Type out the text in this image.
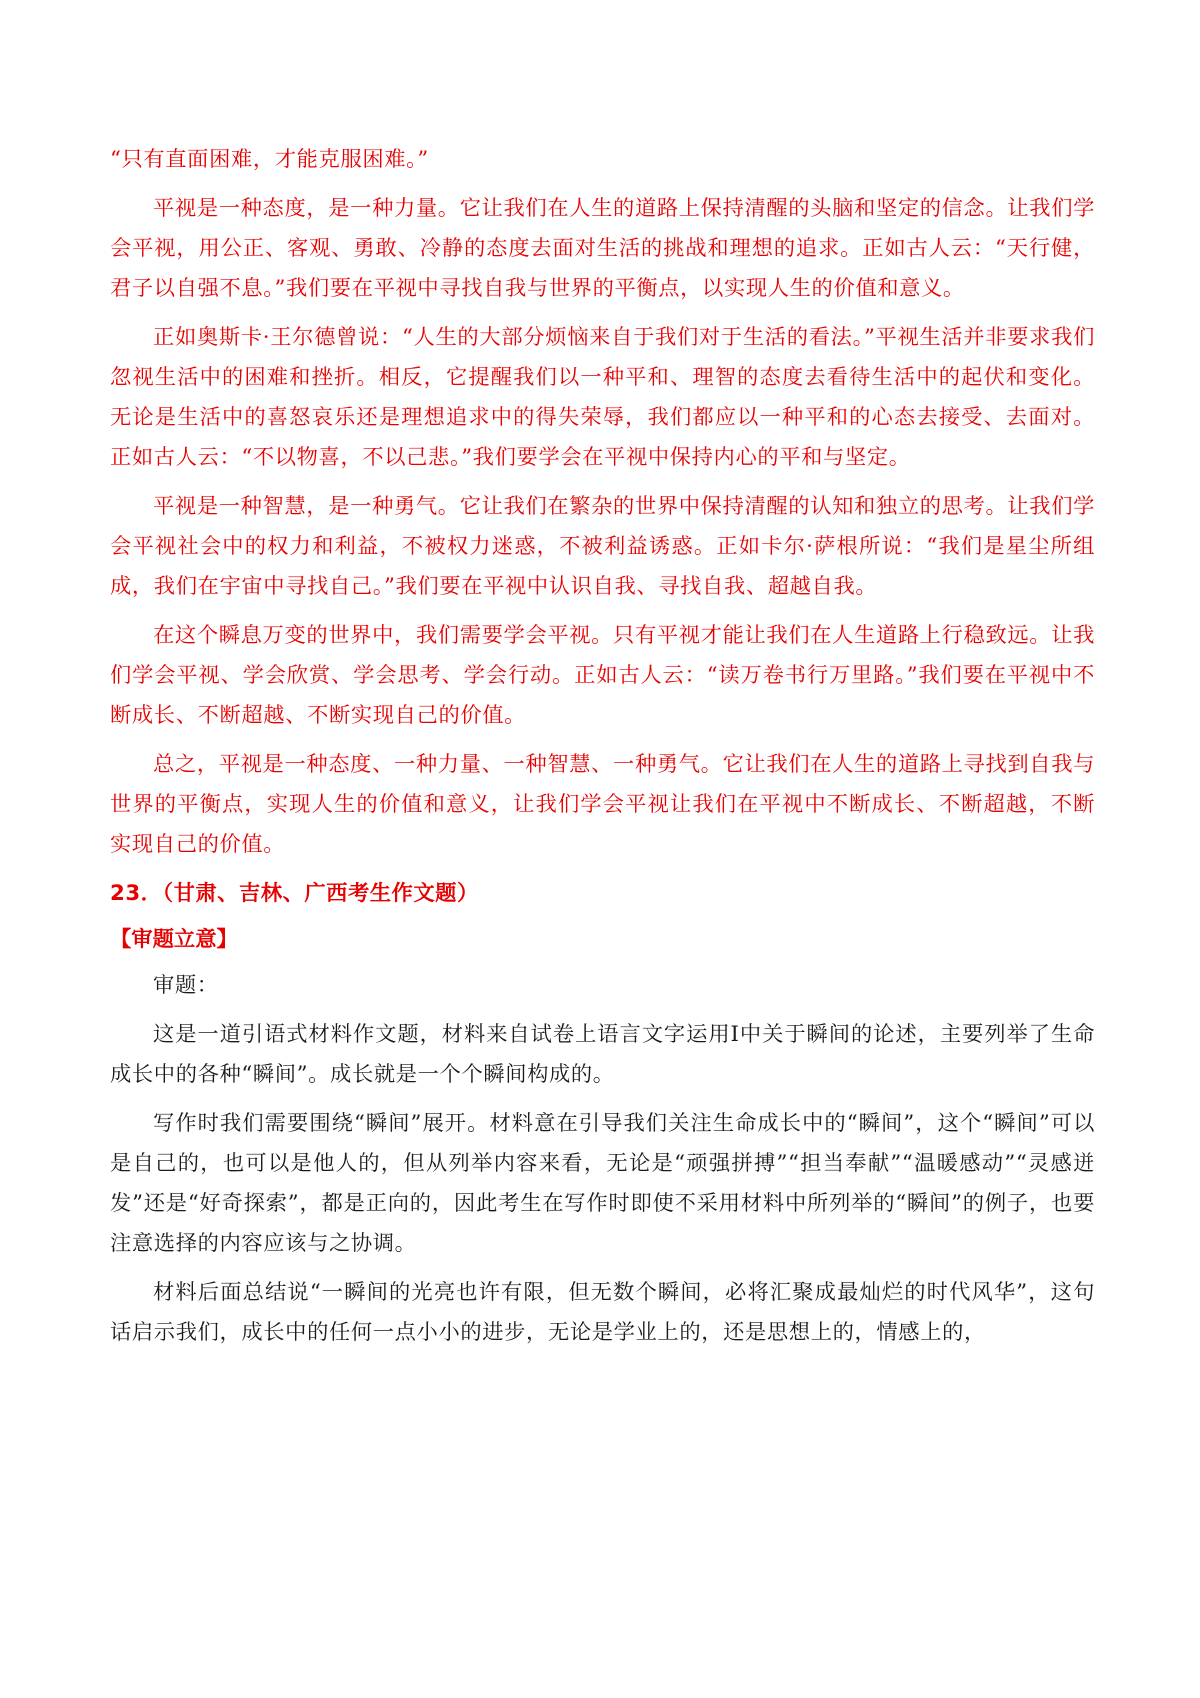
“只有直面困难，才能克服困难。”

平视是一种态度，是一种力量。它让我们在人生的道路上保持清醒的头脑和坚定的信念。让我们学会平视，用公正、客观、勇敢、冷静的态度去面对生活的挑战和理想的追求。正如古人云：“天行健，君子以自强不息。”我们要在平视中寻找自我与世界的平衡点，以实现人生的价值和意义。

正如奥斯卡·王尔德曾说：“人生的大部分烦恼来自于我们对于生活的看法。”平视生活并非要求我们忽视生活中的困难和挫折。相反，它提醒我们以一种平和、理智的态度去看待生活中的起伏和变化。无论是生活中的喜怒哀乐还是理想追求中的得失荣辱，我们都应以一种平和的心态去接受、去面对。正如古人云：“不以物喜，不以己悲。”我们要学会在平视中保持内心的平和与坚定。

平视是一种智慧，是一种勇气。它让我们在繁杂的世界中保持清醒的认知和独立的思考。让我们学会平视社会中的权力和利益，不被权力迷惑，不被利益诱惑。正如卡尔·萨根所说：“我们是星尘所组成，我们在宇宙中寻找自己。”我们要在平视中认识自我、寻找自我、超越自我。

在这个瞬息万变的世界中，我们需要学会平视。只有平视才能让我们在人生道路上行稳致远。让我们学会平视、学会欣赏、学会思考、学会行动。正如古人云：“读万卷书行万里路。”我们要在平视中不断成长、不断超越、不断实现自己的价值。

总之，平视是一种态度、一种力量、一种智慧、一种勇气。它让我们在人生的道路上寻找到自我与世界的平衡点，实现人生的价值和意义，让我们学会平视让我们在平视中不断成长、不断超越，不断实现自己的价值。

23．（甘肃、吉林、广西考生作文题）
【审题立意】

审题：

这是一道引语式材料作文题，材料来自试卷上语言文字运用Ⅰ中关于瞬间的论述，主要列举了生命成长中的各种“瞬间”。成长就是一个个瞬间构成的。

写作时我们需要围绕“瞬间”展开。材料意在引导我们关注生命成长中的“瞬间”，这个“瞬间”可以是自己的，也可以是他人的，但从列举内容来看，无论是“顽强拼搏”“担当奉献”“温暖感动”“灵感迸发”还是“好奇探索”，都是正向的，因此考生在写作时即使不采用材料中所列举的“瞬间”的例子，也要注意选择的内容应该与之协调。

材料后面总结说“一瞬间的光亮也许有限，但无数个瞬间，必将汇聚成最灿烂的时代风华”，这句话启示我们，成长中的任何一点小小的进步，无论是学业上的，还是思想上的，情感上的，
